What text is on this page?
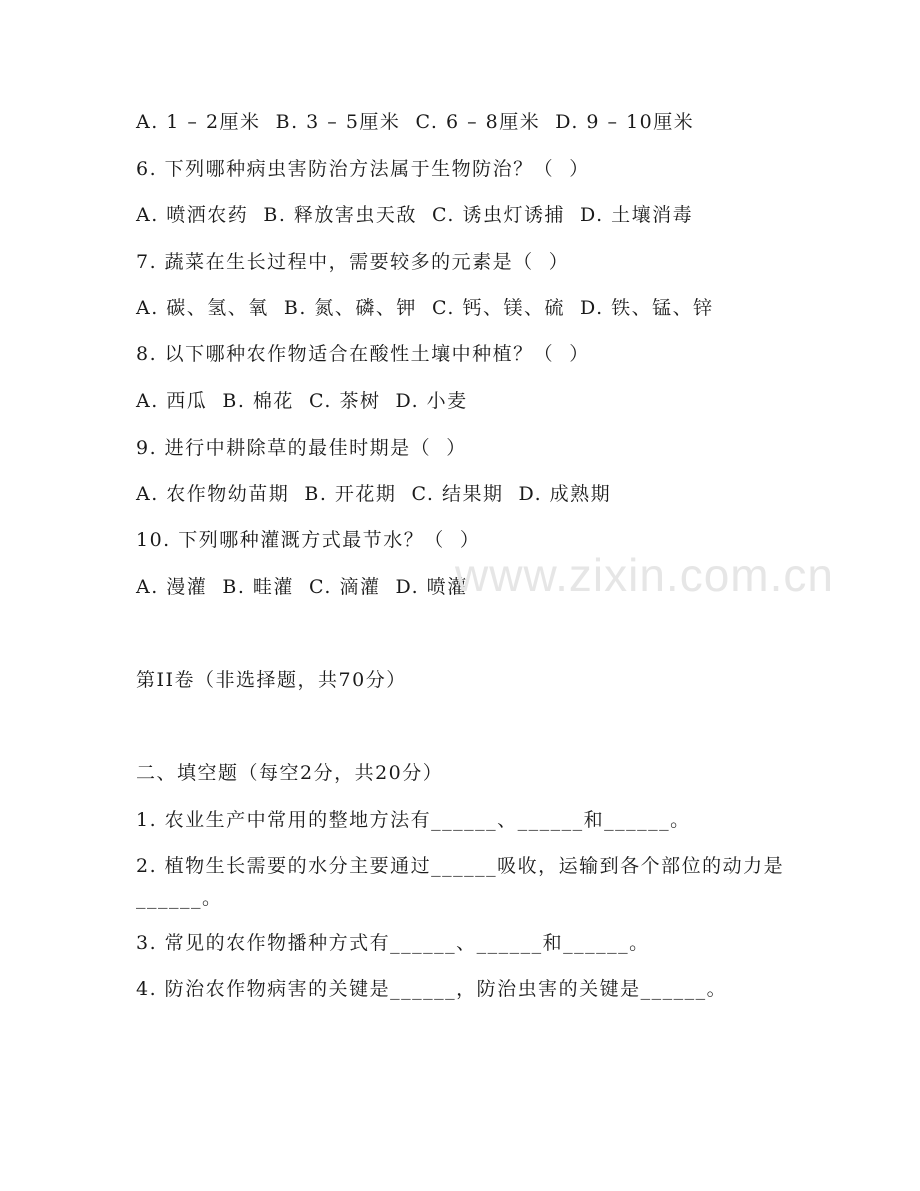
A. 1 – 2厘米  B. 3 – 5厘米  C. 6 – 8厘米  D. 9 – 10厘米
6. 下列哪种病虫害防治方法属于生物防治？（  ）
A. 喷洒农药  B. 释放害虫天敌  C. 诱虫灯诱捕  D. 土壤消毒
7. 蔬菜在生长过程中，需要较多的元素是（  ）
A. 碳、氢、氧  B. 氮、磷、钾  C. 钙、镁、硫  D. 铁、锰、锌
8. 以下哪种农作物适合在酸性土壤中种植？（  ）
A. 西瓜  B. 棉花  C. 茶树  D. 小麦
9. 进行中耕除草的最佳时期是（  ）
A. 农作物幼苗期  B. 开花期  C. 结果期  D. 成熟期
10. 下列哪种灌溉方式最节水？（  ）
A. 漫灌  B. 畦灌  C. 滴灌  D. 喷灌
www.zixin.com.cn
第II卷（非选择题，共70分）
二、填空题（每空2分，共20分）
1. 农业生产中常用的整地方法有______、______和______。
2. 植物生长需要的水分主要通过______吸收，运输到各个部位的动力是______。
3. 常见的农作物播种方式有______、______和______。
4. 防治农作物病害的关键是______，防治虫害的关键是______。
